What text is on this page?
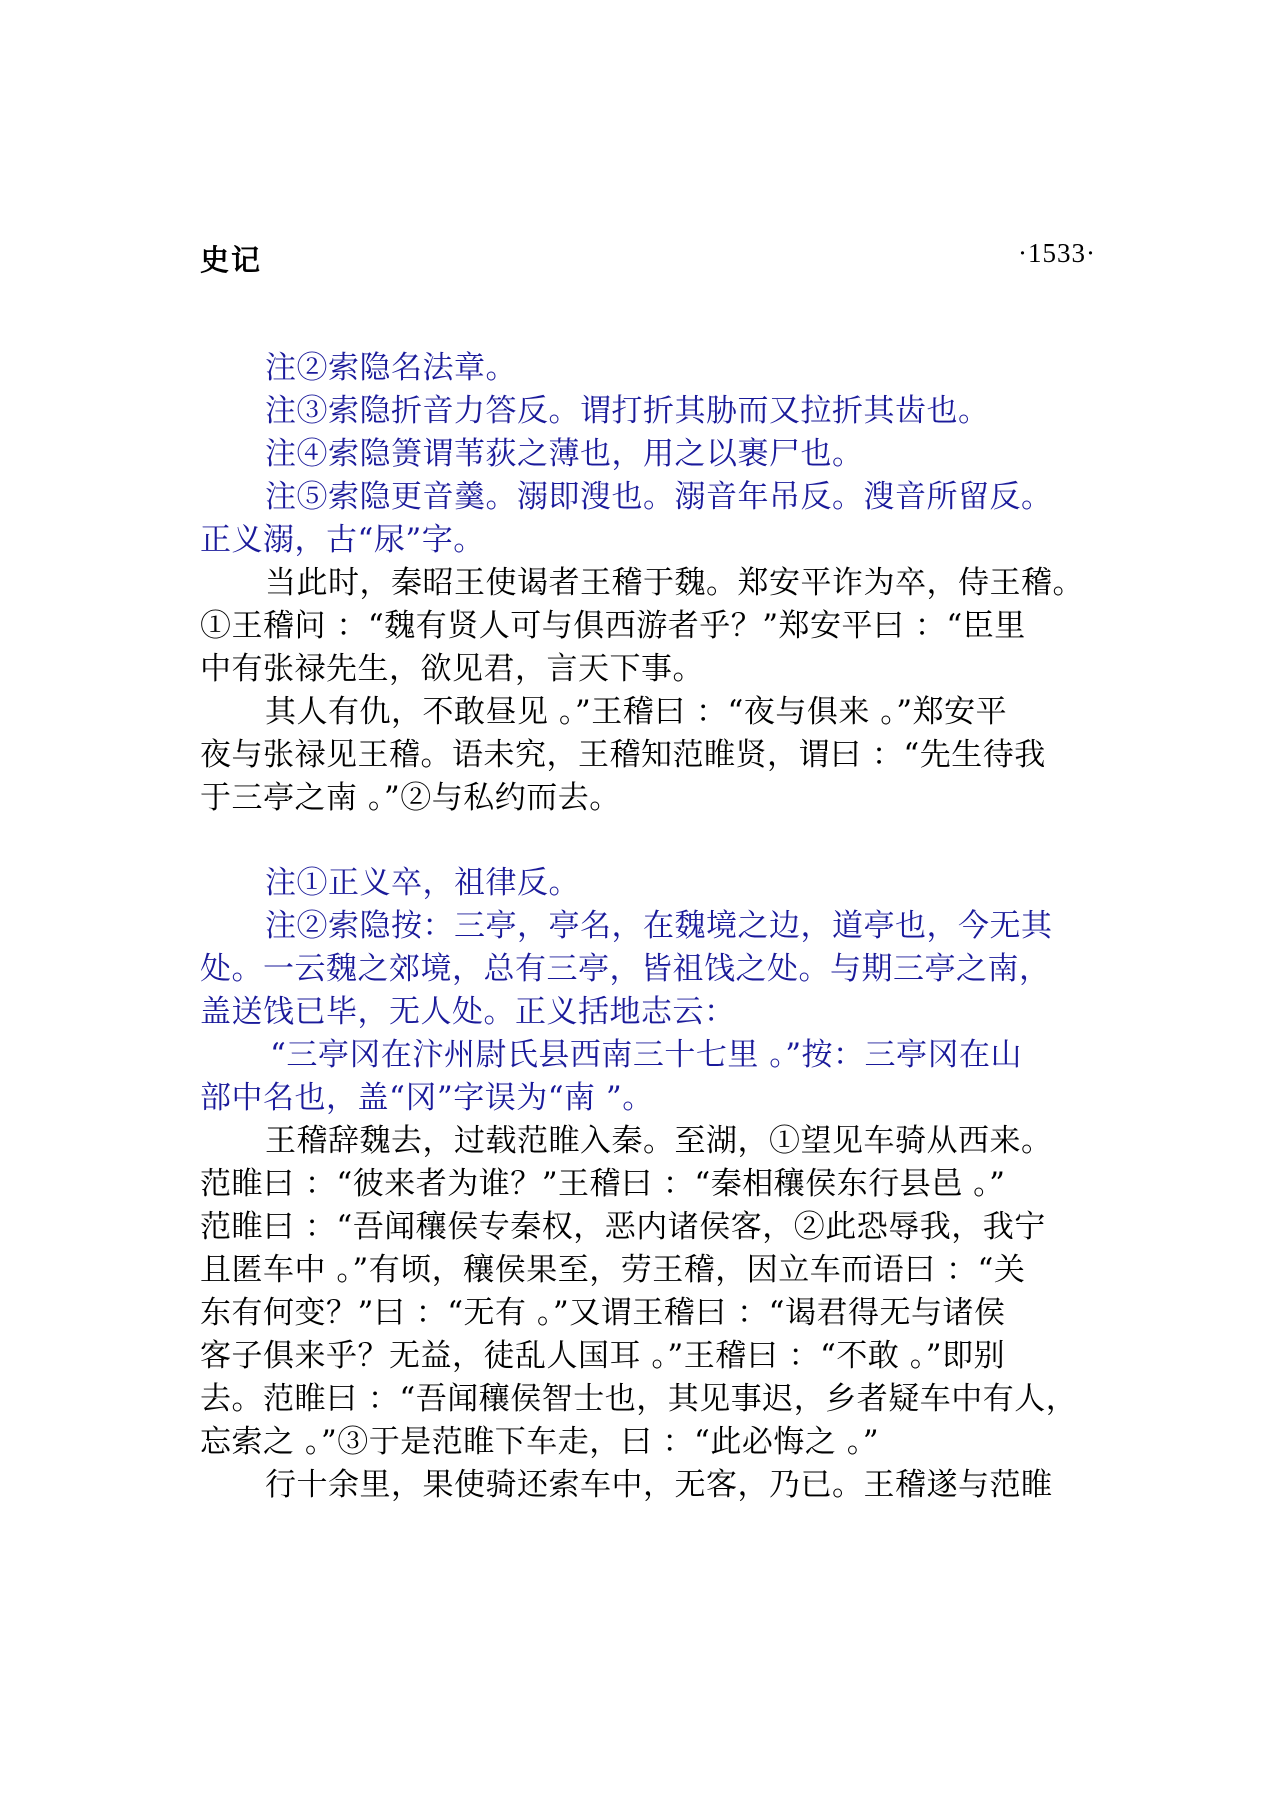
史记	·1533·
注②索隐名法章。
注③索隐折音力答反。谓打折其胁而又拉折其齿也。
注④索隐箦谓苇荻之薄也，用之以裹尸也。
注⑤索隐更音羹。溺即溲也。溺音年吊反。溲音所留反。
正义溺，古“尿”字。
当此时，秦昭王使谒者王稽于魏。郑安平诈为卒，侍王稽。
①王稽问 ：“魏有贤人可与俱西游者乎？”郑安平曰 ：“臣里
中有张禄先生，欲见君，言天下事。
其人有仇，不敢昼见 。”王稽曰 ：“夜与俱来 。”郑安平
夜与张禄见王稽。语未究，王稽知范睢贤，谓曰 ：“先生待我
于三亭之南 。”②与私约而去。
注①正义卒，祖律反。
注②索隐按：三亭，亭名，在魏境之边，道亭也，今无其
处。一云魏之郊境，总有三亭，皆祖饯之处。与期三亭之南，
盖送饯已毕，无人处。正义括地志云：
“三亭冈在汴州尉氏县西南三十七里 。”按：三亭冈在山
部中名也，盖“冈”字误为“南 ”。
王稽辞魏去，过载范睢入秦。至湖，①望见车骑从西来。
范睢曰 ：“彼来者为谁？”王稽曰 ：“秦相穰侯东行县邑 。”
范睢曰 ：“吾闻穰侯专秦权，恶内诸侯客，②此恐辱我，我宁
且匿车中 。”有顷，穰侯果至，劳王稽，因立车而语曰 ：“关
东有何变？”曰 ：“无有 。”又谓王稽曰 ：“谒君得无与诸侯
客子俱来乎？无益，徒乱人国耳 。”王稽曰 ：“不敢 。”即别
去。范睢曰 ：“吾闻穰侯智士也，其见事迟，乡者疑车中有人，
忘索之 。”③于是范睢下车走，曰 ：“此必悔之 。”
行十余里，果使骑还索车中，无客，乃已。王稽遂与范睢
